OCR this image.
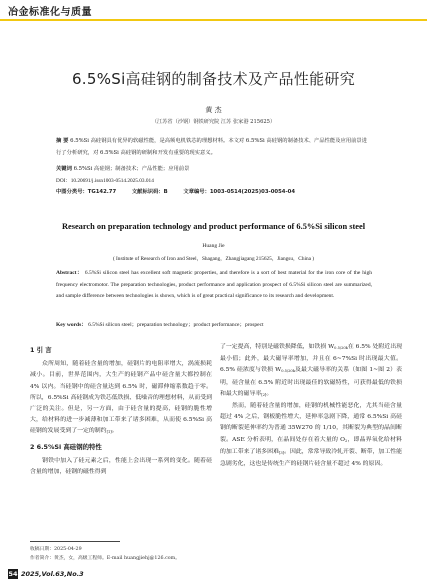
冶金标准化与质量
6.5%Si高硅钢的制备技术及产品性能研究
黄 杰
（江苏省（沙钢）钢铁研究院 江苏 张家港 215625）
摘 要 6.5%Si 高硅钢具有优异的软磁性能，是高频电机铁芯的理想材料。本文对 6.5%Si 高硅钢的制备技术、产品性能及应用前景进行了分析研究，对 6.5%Si 高硅钢的研制和开发有重要的现实意义。
关键词 6.5%Si 高硅钢；制备技术；产品性能；应用前景
DOI：10.20691/j.issn1003-0514.2025.03.014
中图分类号：TG142.77	文献标识码：B	文章编号：1003-0514(2025)03-0054-04
Research on preparation technology and product performance of 6.5%Si silicon steel
Huang Jie
( Institute of Research of Iron and Steel，Shagang，Zhangjiagang 215625，Jiangsu，China )
Abstract： 6.5%Si silicon steel has excellent soft magnetic properties, and therefore is a sort of best material for the iron core of the high frequency electromotor. The preparation technologies, product performance and application prospect of 6.5%Si silicon steel are summarized, and sample difference between technologies is shown, which is of great practical significance to its research and development.
Key words： 6.5%Si silicon steel；preparation technology；product performance；prospect
1 引 言
众所周知，随着硅含量的增加，硅钢片的电阻率增大，涡流损耗减小。目前，世界范围内，大生产的硅钢产品中硅含量大都控制在 4% 以内。当硅钢中的硅含量达到 6.5% 时，磁滞伸缩系数趋于零。所以，6.5%Si 高硅钢成为铁芯低铁损、低噪音的理想材料，从而受到广泛的关注。但是，另一方面，由于硅含量的提高，硅钢的脆性增大，给材料的进一步减薄和加工带来了诸多困难，从而使 6.5%Si 高硅钢的发展受到了一定的制约[1]。
2 6.5%Si 高硅钢的特性
钢铁中加入了硅元素之后，性能上会出现一系列的变化。随着硅含量的增加，硅钢的磁性得到
了一定提高，特别是磁铁损降低，如铁损 $W_{0.5/20k}$在 6.5% 处附近出现最小值；此外，最大磁导率增加，并且在 6~7%Si 时出现最大值。6.5% 硅浓度与铁损 $W_{0.5/20k}$及最大磁导率的关系（如图 1~图 2）表明，硅含量在 6.5% 附近时出现最佳的软磁特性，可获得最低的铁损和最大的磁导率[2]。
然而，随着硅含量的增加，硅钢的机械性能恶化，尤其当硅含量超过 4% 之后，钢板脆性增大，延伸率急剧下降，通常 6.5%Si 高硅钢的断裂延伸率约为普通 35W270 的 1/10，其断裂为典型的晶间断裂。ASE 分析表明，在晶间处存在着大量的 $O_2$，即晶界氧化给材料的加工带来了诸多困难[3]。因此，常常导致冷轧开裂、断带，加工性能急剧劣化，这也是传统生产的硅钢片硅含量不超过 4% 的原因。
收稿日期：2025-04-29
作者简介：黄杰，女，高级工程师。E-mail huangjiehj@126.com。
54 2025,Vol.63,No.3
